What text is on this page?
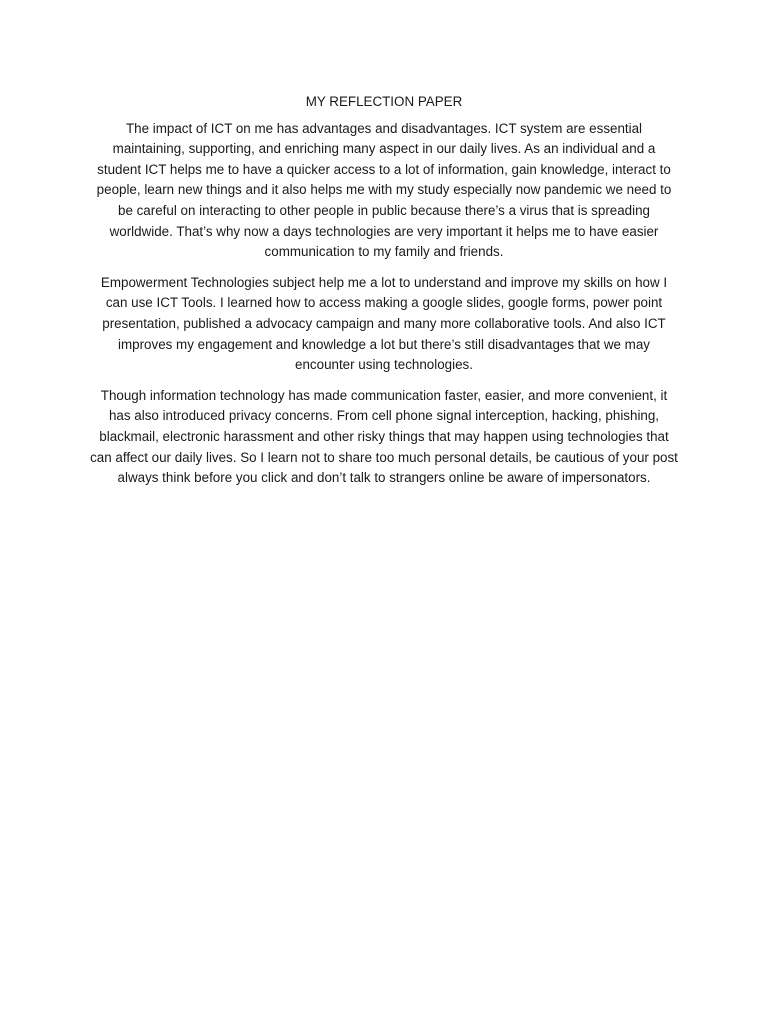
MY REFLECTION PAPER

The impact of ICT on me has advantages and disadvantages. ICT system are essential maintaining, supporting, and enriching many aspect in our daily lives. As an individual and a student ICT helps me to have a quicker access to a lot of information, gain knowledge, interact to people, learn new things and it also helps me with my study especially now pandemic we need to be careful on interacting to other people in public because there’s a virus that is spreading worldwide. That’s why now a days technologies are very important it helps me to have easier communication to my family and friends.

Empowerment Technologies subject help me a lot to understand and improve my skills on how I can use ICT Tools. I learned how to access making a google slides, google forms, power point presentation, published a advocacy campaign and many more collaborative tools. And also ICT improves my engagement and knowledge a lot but there’s still disadvantages that we may encounter using technologies.

Though information technology has made communication faster, easier, and more convenient, it has also introduced privacy concerns. From cell phone signal interception, hacking, phishing, blackmail, electronic harassment and other risky things that may happen using technologies that can affect our daily lives. So I learn not to share too much personal details, be cautious of your post always think before you click and don’t talk to strangers online be aware of impersonators.
